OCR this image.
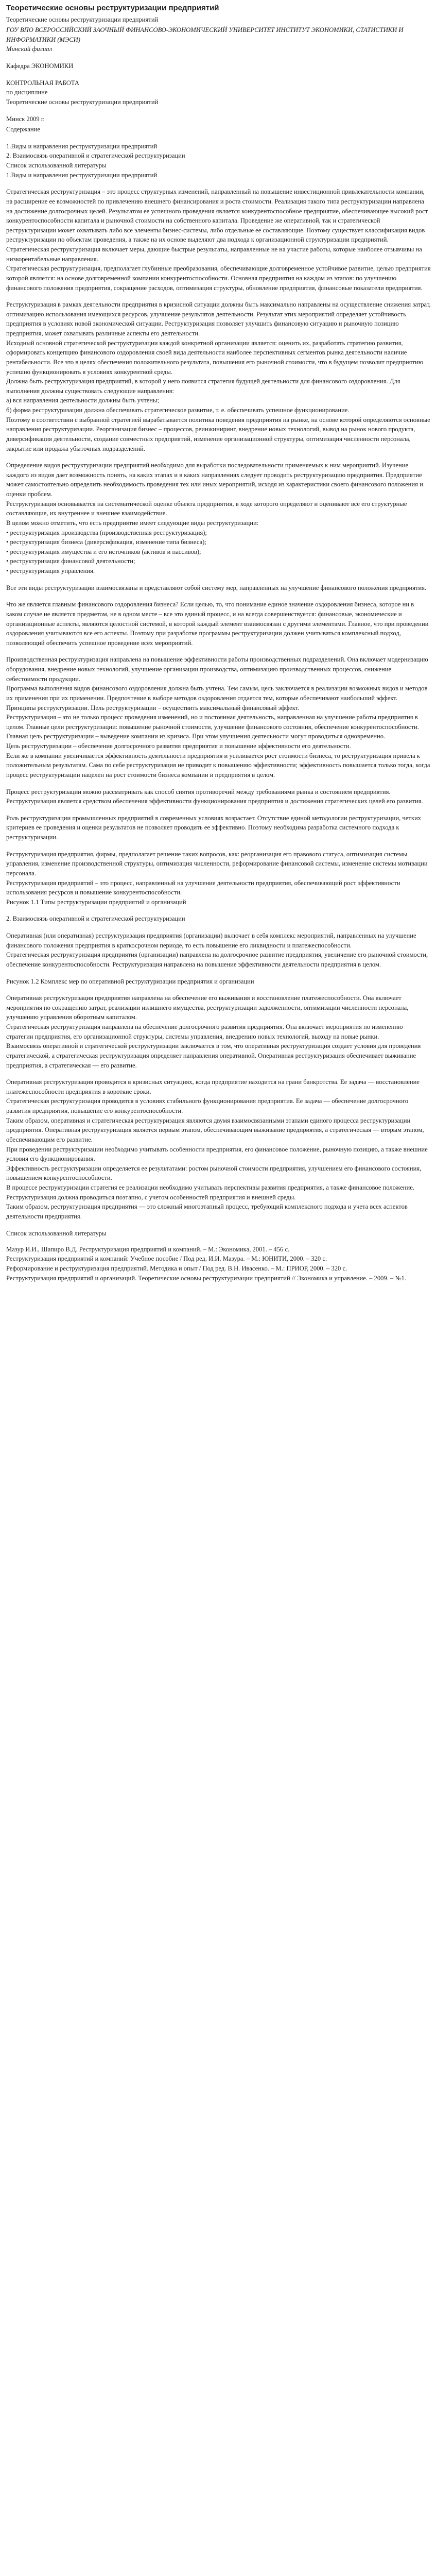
Теоретические основы реструктуризации предприятий

Теоретические основы реструктуризации предприятий

ГОУ ВПО ВСЕРОССИЙСКИЙ ЗАОЧНЫЙ ФИНАНСОВО-ЭКОНОМИЧЕСКИЙ УНИВЕРСИТЕТ ИНСТИТУТ ЭКОНОМИКИ, СТАТИСТИКИ И ИНФОРМАТИКИ (МЭСИ)

Минский филиал

Кафедра ЭКОНОМИКИ

КОНТРОЛЬНАЯ РАБОТА

по дисциплине

Теоретические основы реструктуризации предприятий

Минск 2009 г.

Содержание

1.Виды и направления реструктуризации предприятий

2. Взаимосвязь оперативной и стратегической реструктуризации

Список использованной литературы

1.Виды и направления реструктуризации предприятий

Стратегическая реструктуризация – это процесс структурных изменений, направленный на повышение инвестиционной привлекательности компании, на расширение ее возможностей по привлечению внешнего финансирования и роста стоимости. Реализация такого типа реструктуризации направлена на достижение долгосрочных целей. Результатом ее успешного проведения является конкурентоспособное предприятие, обеспечивающее высокий рост конкурентоспособности капитала и рыночной стоимости на собственного капитала. Проведение же оперативной, так и стратегической реструктуризации может охватывать либо все элементы бизнес-системы, либо отдельные ее составляющие. Поэтому существует классификация видов реструктуризации по объектам проведения, а также на их основе выделяют два подхода к организационной структуризации предприятий.

Стратегическая реструктуризация включает меры, дающие быстрые результаты, направленные не на участие работы, которые наиболее отзывчивы на низкорентабельные направления.

Стратегическая реструктуризация, предполагает глубинные преобразования, обеспечивающие долговременное устойчивое развитие, целью предприятия которой является: на основе долговременной компании конкурентоспособности. Основная предприятия на каждом из этапов: по улучшению финансового положения предприятия, сокращение расходов, оптимизация структуры, обновление предприятия, финансовые показатели предприятия.

Реструктуризация в рамках деятельности предприятия в кризисной ситуации должны быть максимально направлены на осуществление снижения затрат, оптимизацию использования имеющихся ресурсов, улучшение результатов деятельности. Результат этих мероприятий определяет устойчивость предприятия в условиях новой экономической ситуации. Реструктуризация позволяет улучшить финансовую ситуацию и рыночную позицию предприятия, может охватывать различные аспекты его деятельности.

Исходный основной стратегической реструктуризации каждой конкретной организации является: оценить их, разработать стратегию развития, сформировать концепцию финансового оздоровления своей вида деятельности наиболее перспективных сегментов рынка деятельности наличие рентабельности. Все это в целях обеспечения положительного результата, повышения его рыночной стоимости, что в будущем позволит предприятию успешно функционировать в условиях конкурентной среды.

Должна быть реструктуризация предприятий, в которой у него появится стратегия будущей деятельности для финансового оздоровления. Для выполнения должны существовать следующие направления:

а) вся направления деятельности должны быть учтены;

б) форма реструктуризации должна обеспечивать стратегическое развитие, т. е. обеспечивать успешное функционирование.

Поэтому в соответствии с выбранной стратегией вырабатывается политика поведения предприятия на рынке, на основе которой определяются основные направления реструктуризации. Реорганизация бизнес – процессов, реинжиниринг, внедрение новых технологий, вывод на рынок нового продукта, диверсификация деятельности, создание совместных предприятий, изменение организационной структуры, оптимизация численности персонала, закрытие или продажа убыточных подразделений.

Определение видов реструктуризации предприятий необходимо для выработки последовательности применяемых к ним мероприятий. Изучение каждого из видов дает возможность понять, на каких этапах и в каких направлениях следует проводить реструктуризацию предприятия. Предприятие может самостоятельно определить необходимость проведения тех или иных мероприятий, исходя из характеристики своего финансового положения и оценки проблем.

Реструктуризация основывается на систематической оценке объекта предприятия, в ходе которого определяют и оценивают все его структурные составляющие, их внутреннее и внешнее взаимодействие.

В целом можно отметить, что есть предприятие имеет следующие виды реструктуризации:

• реструктуризация производства (производственная реструктуризация);

• реструктуризация бизнеса (диверсификация, изменение типа бизнеса);

• реструктуризация имущества и его источников (активов и пассивов);

• реструктуризация финансовой деятельности;

• реструктуризация управления.

Все эти виды реструктуризации взаимосвязаны и представляют собой систему мер, направленных на улучшение финансового положения предприятия.

Что же является главным финансового оздоровления бизнеса? Если целью, то, что понимание единое значение оздоровления бизнеса, которое ни в каком случае не является предметом, не в одном месте – все это единый процесс, и на всегда совершенствуется: финансовые, экономические и организационные аспекты, являются целостной системой, в которой каждый элемент взаимосвязан с другими элементами. Главное, что при проведении оздоровления учитываются все его аспекты. Поэтому при разработке программы реструктуризации должен учитываться комплексный подход, позволяющий обеспечить успешное проведение всех мероприятий.

Производственная реструктуризация направлена на повышение эффективности работы производственных подразделений. Она включает модернизацию оборудования, внедрение новых технологий, улучшение организации производства, оптимизацию производственных процессов, снижение себестоимости продукции.

Программа выполнения видов финансового оздоровления должна быть учтена. Тем самым, цель заключается в реализации возможных видов и методов их применения при их применении. Предпочтение в выборе методов оздоровления отдается тем, которые обеспечивают наибольший эффект.

Принципы реструктуризации. Цель реструктуризации – осуществить максимальный финансовый эффект.

Реструктуризация – это не только процесс проведения изменений, но и постоянная деятельность, направленная на улучшение работы предприятия в целом. Главные цели реструктуризации: повышение рыночной стоимости, улучшение финансового состояния, обеспечение конкурентоспособности.

Главная цель реструктуризации – выведение компании из кризиса. При этом улучшения деятельности могут проводиться одновременно.

Цель реструктуризации – обеспечение долгосрочного развития предприятия и повышение эффективности его деятельности.

Если же в компании увеличивается эффективность деятельности предприятия и усиливается рост стоимости бизнеса, то реструктуризация привела к положительным результатам. Сама по себе реструктуризация не приводит к повышению эффективности; эффективность повышается только тогда, когда процесс реструктуризации нацелен на рост стоимости бизнеса компании и предприятия в целом.

Процесс реструктуризации можно рассматривать как способ снятия противоречий между требованиями рынка и состоянием предприятия. Реструктуризация является средством обеспечения эффективности функционирования предприятия и достижения стратегических целей его развития.

Роль реструктуризации промышленных предприятий в современных условиях возрастает. Отсутствие единой методологии реструктуризации, четких критериев ее проведения и оценки результатов не позволяет проводить ее эффективно. Поэтому необходима разработка системного подхода к реструктуризации.

Реструктуризация предприятия, фирмы, предполагает решение таких вопросов, как: реорганизация его правового статуса, оптимизация системы управления, изменение производственной структуры, оптимизация численности, реформирование финансовой системы, изменение системы мотивации персонала.

Реструктуризация предприятий – это процесс, направленный на улучшение деятельности предприятия, обеспечивающий рост эффективности использования ресурсов и повышение конкурентоспособности.

Рисунок 1.1 Типы реструктуризации предприятий и организаций

2. Взаимосвязь оперативной и стратегической реструктуризации

Оперативная (или оперативная) реструктуризация предприятия (организации) включает в себя комплекс мероприятий, направленных на улучшение финансового положения предприятия в краткосрочном периоде, то есть повышение его ликвидности и платежеспособности.

Стратегическая реструктуризация предприятия (организации) направлена на долгосрочное развитие предприятия, увеличение его рыночной стоимости, обеспечение конкурентоспособности. Реструктуризация направлена на повышение эффективности деятельности предприятия в целом.

Рисунок 1.2 Комплекс мер по оперативной реструктуризации предприятия и организации

Оперативная реструктуризация предприятия направлена на обеспечение его выживания и восстановление платежеспособности. Она включает мероприятия по сокращению затрат, реализации излишнего имущества, реструктуризации задолженности, оптимизации численности персонала, улучшению управления оборотным капиталом.

Стратегическая реструктуризация направлена на обеспечение долгосрочного развития предприятия. Она включает мероприятия по изменению стратегии предприятия, его организационной структуры, системы управления, внедрению новых технологий, выходу на новые рынки.

Взаимосвязь оперативной и стратегической реструктуризации заключается в том, что оперативная реструктуризация создает условия для проведения стратегической, а стратегическая реструктуризация определяет направления оперативной. Оперативная реструктуризация обеспечивает выживание предприятия, а стратегическая — его развитие.

Оперативная реструктуризация проводится в кризисных ситуациях, когда предприятие находится на грани банкротства. Ее задача — восстановление платежеспособности предприятия в короткие сроки.

Стратегическая реструктуризация проводится в условиях стабильного функционирования предприятия. Ее задача — обеспечение долгосрочного развития предприятия, повышение его конкурентоспособности.

Таким образом, оперативная и стратегическая реструктуризация являются двумя взаимосвязанными этапами единого процесса реструктуризации предприятия. Оперативная реструктуризация является первым этапом, обеспечивающим выживание предприятия, а стратегическая — вторым этапом, обеспечивающим его развитие.

При проведении реструктуризации необходимо учитывать особенности предприятия, его финансовое положение, рыночную позицию, а также внешние условия его функционирования.

Эффективность реструктуризации определяется ее результатами: ростом рыночной стоимости предприятия, улучшением его финансового состояния, повышением конкурентоспособности.

В процессе реструктуризации стратегия ее реализации необходимо учитывать перспективы развития предприятия, а также финансовое положение. Реструктуризация должна проводиться поэтапно, с учетом особенностей предприятия и внешней среды.

Таким образом, реструктуризация предприятия — это сложный многоэтапный процесс, требующий комплексного подхода и учета всех аспектов деятельности предприятия.

Список использованной литературы

Мазур И.И., Шапиро В.Д. Реструктуризация предприятий и компаний. – М.: Экономика, 2001. – 456 с.

Реструктуризация предприятий и компаний: Учебное пособие / Под ред. И.И. Мазура. – М.: ЮНИТИ, 2000. – 320 с.

Реформирование и реструктуризация предприятий. Методика и опыт / Под ред. В.Н. Ивасенко. – М.: ПРИОР, 2000. – 320 с.

Реструктуризация предприятий и организаций. Теоретические основы реструктуризации предприятий // Экономика и управление. – 2009. – №1.
